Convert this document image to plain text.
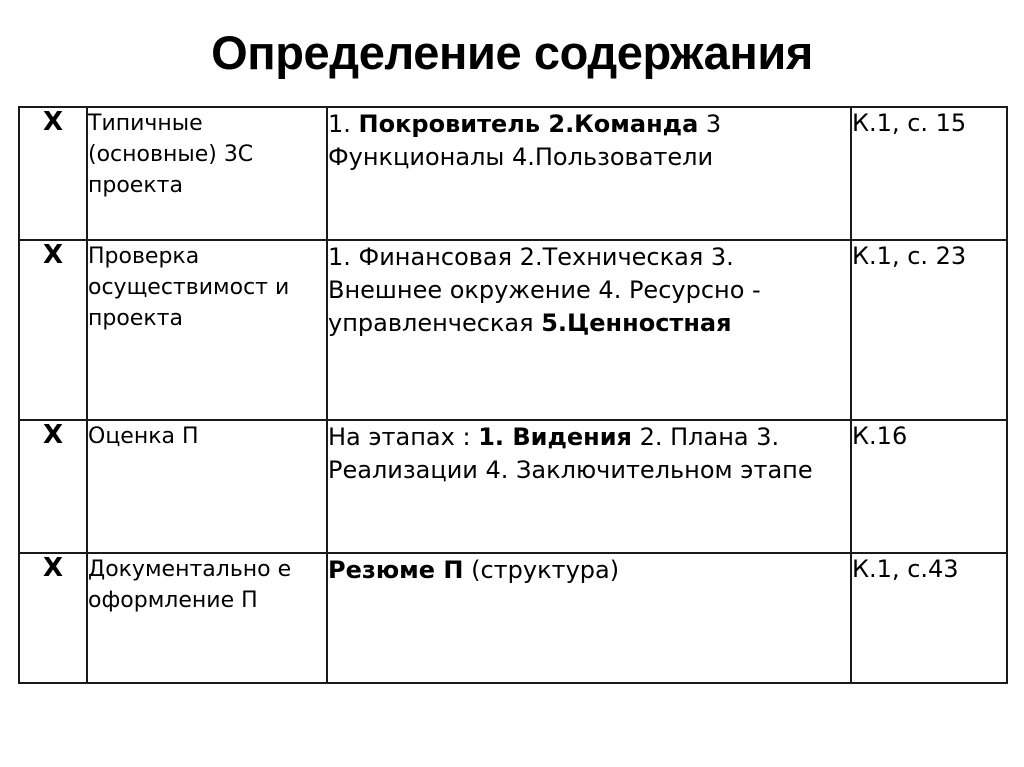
Определение содержания
X	Типичные (основные) 3С проекта	1. Покровитель 2.Команда 3 Функционалы 4.Пользователи	К.1, с. 15
X	Проверка осуществимост и проекта	1. Финансовая 2.Техническая 3. Внешнее окружение 4. Ресурсно - управленческая 5.Ценностная	К.1, с. 23
X	Оценка П	На этапах : 1. Видения 2. Плана 3. Реализации 4. Заключительном этапе	К.16
X	Документально е оформление П	Резюме П (структура)	К.1, с.43
